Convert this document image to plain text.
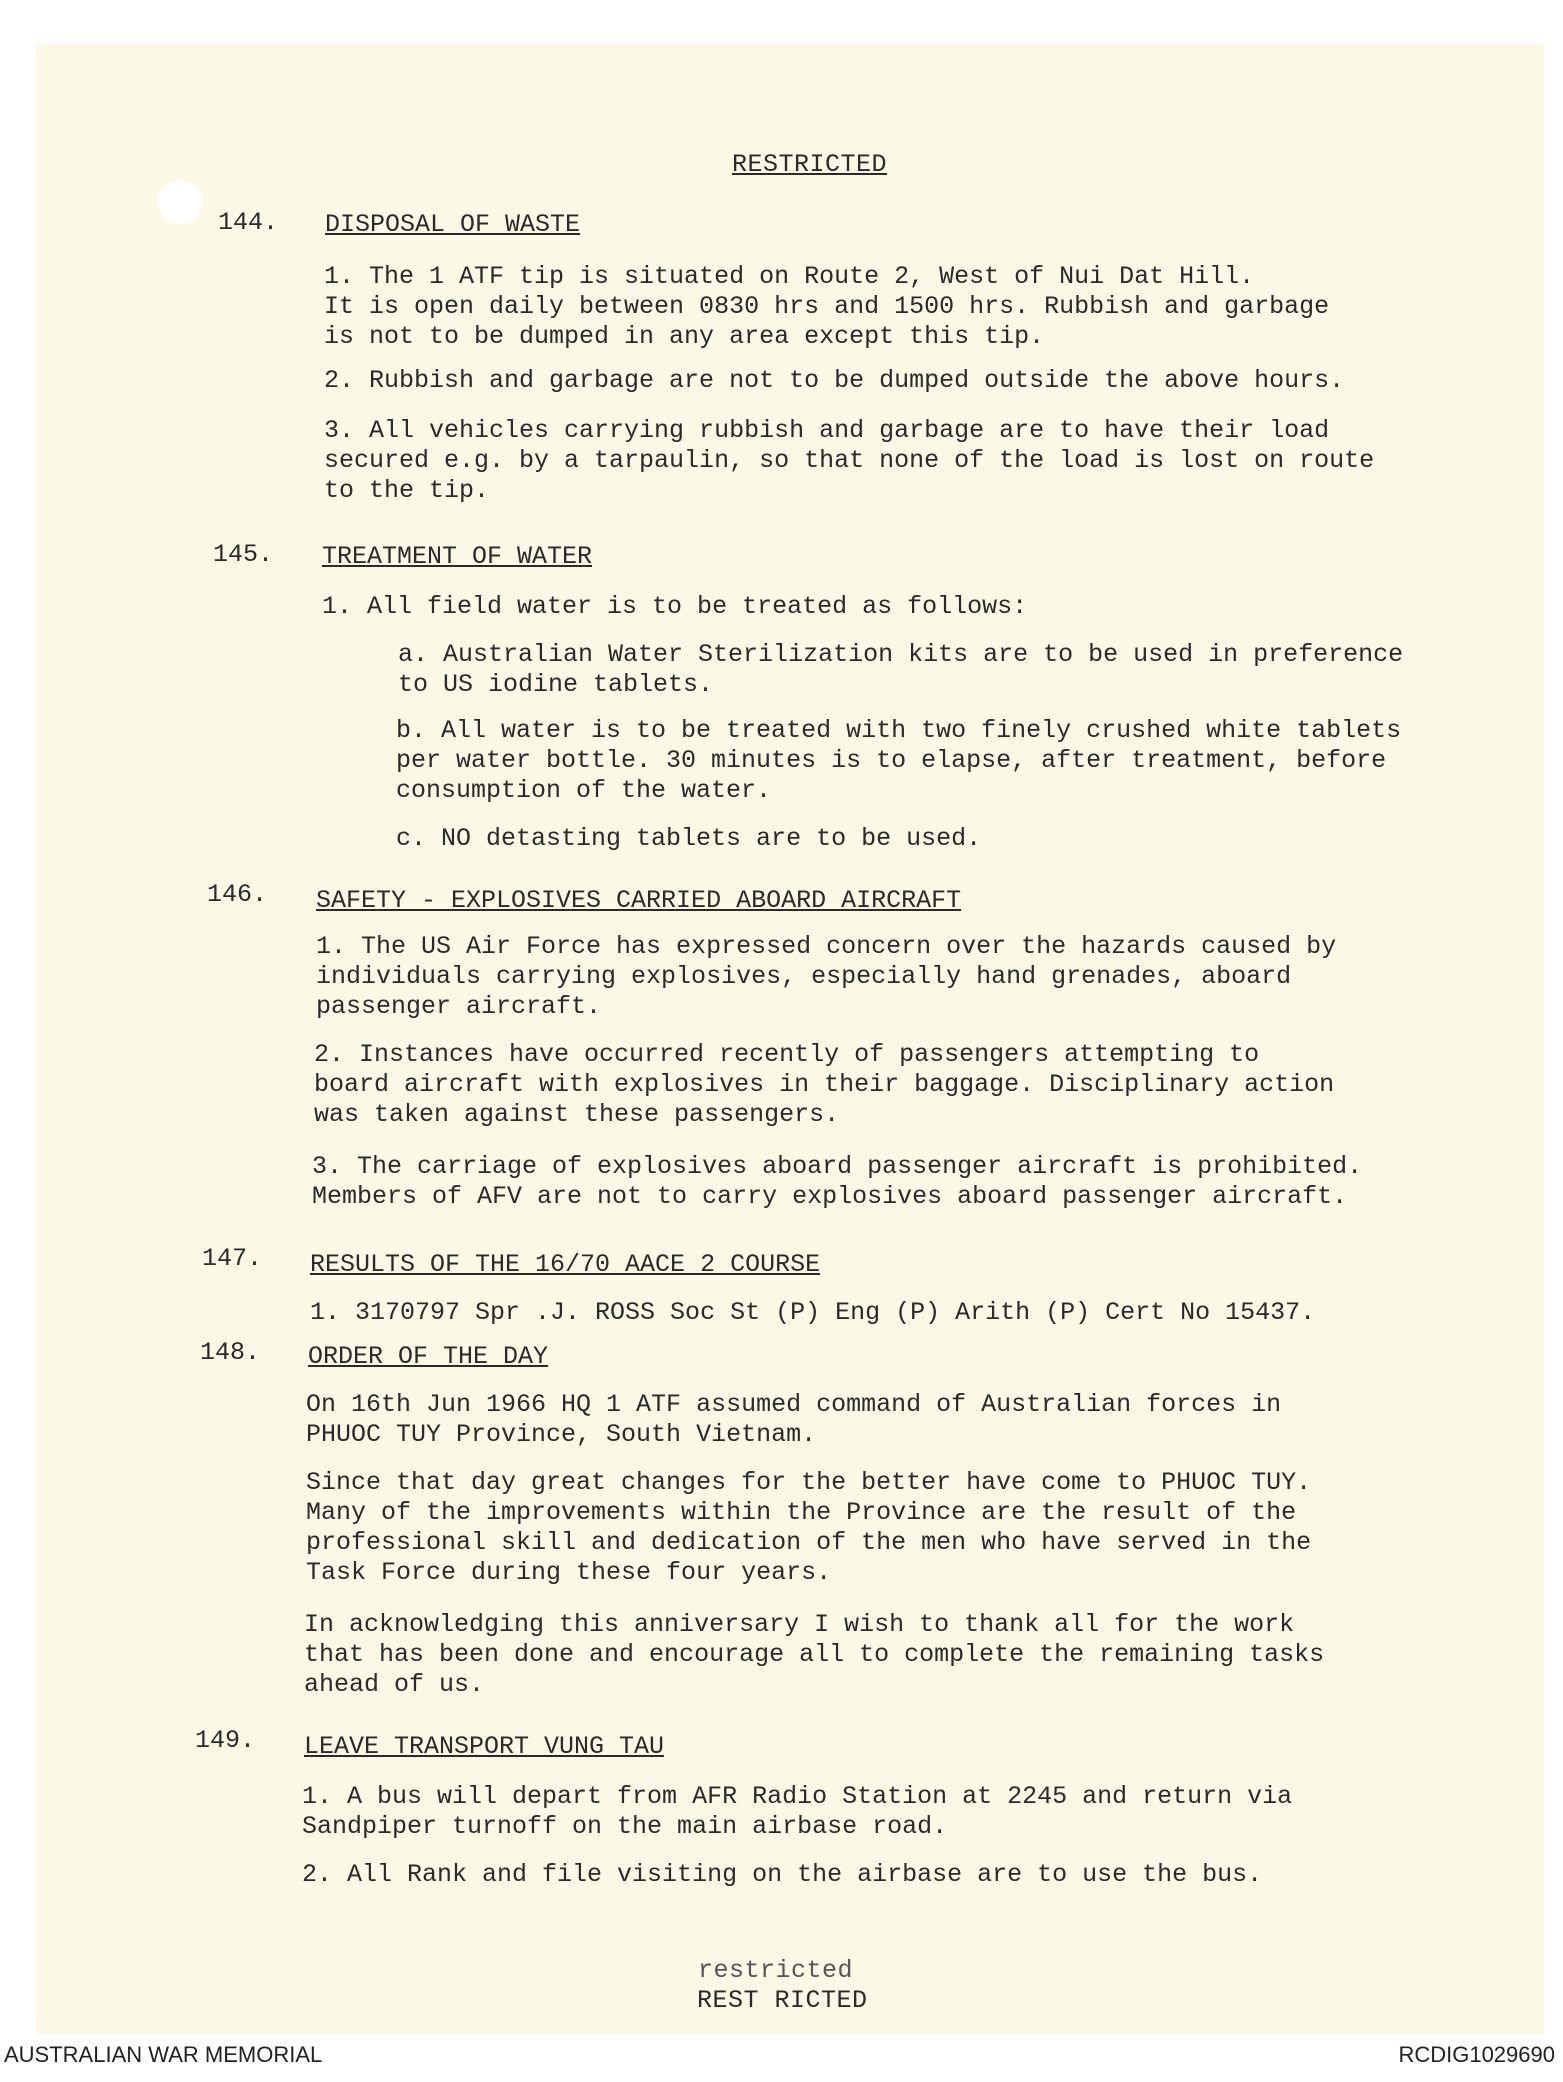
RESTRICTED
144. DISPOSAL OF WASTE
1. The 1 ATF tip is situated on Route 2, West of Nui Dat Hill.
It is open daily between 0830 hrs and 1500 hrs. Rubbish and garbage
is not to be dumped in any area except this tip.
2. Rubbish and garbage are not to be dumped outside the above hours.
3. All vehicles carrying rubbish and garbage are to have their load
secured e.g. by a tarpaulin, so that none of the load is lost on route
to the tip.
145. TREATMENT OF WATER
1. All field water is to be treated as follows:
a. Australian Water Sterilization kits are to be used in preference
to US iodine tablets.
b. All water is to be treated with two finely crushed white tablets
per water bottle. 30 minutes is to elapse, after treatment, before
consumption of the water.
c. NO detasting tablets are to be used.
146. SAFETY - EXPLOSIVES CARRIED ABOARD AIRCRAFT
1. The US Air Force has expressed concern over the hazards caused by
individuals carrying explosives, especially hand grenades, aboard
passenger aircraft.
2. Instances have occurred recently of passengers attempting to
board aircraft with explosives in their baggage. Disciplinary action
was taken against these passengers.
3. The carriage of explosives aboard passenger aircraft is prohibited.
Members of AFV are not to carry explosives aboard passenger aircraft.
147. RESULTS OF THE 16/70 AACE 2 COURSE
1. 3170797 Spr .J. ROSS Soc St (P) Eng (P) Arith (P) Cert No 15437.
148. ORDER OF THE DAY
On 16th Jun 1966 HQ 1 ATF assumed command of Australian forces in
PHUOC TUY Province, South Vietnam.
Since that day great changes for the better have come to PHUOC TUY.
Many of the improvements within the Province are the result of the
professional skill and dedication of the men who have served in the
Task Force during these four years.
In acknowledging this anniversary I wish to thank all for the work
that has been done and encourage all to complete the remaining tasks
ahead of us.
149. LEAVE TRANSPORT VUNG TAU
1. A bus will depart from AFR Radio Station at 2245 and return via
Sandpiper turnoff on the main airbase road.
2. All Rank and file visiting on the airbase are to use the bus.
restricted
REST RICTED
AUSTRALIAN WAR MEMORIAL	RCDIG1029690
